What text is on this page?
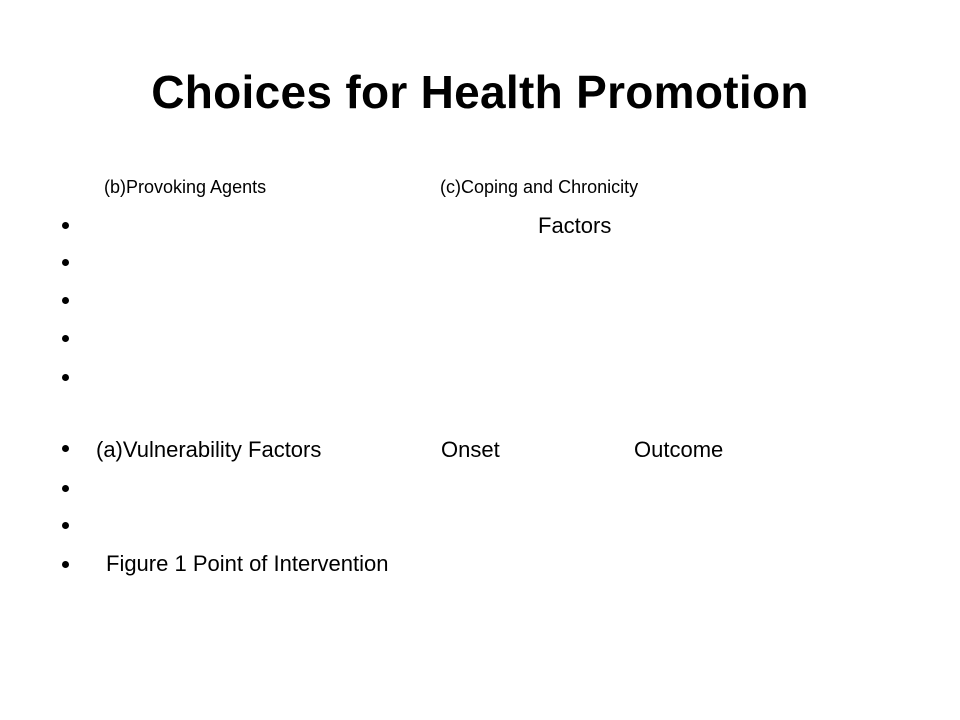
Choices for Health Promotion
(b)Provoking Agents	(c)Coping and Chronicity
Factors
(a)Vulnerability Factors	Onset	Outcome
Figure 1 Point of Intervention
